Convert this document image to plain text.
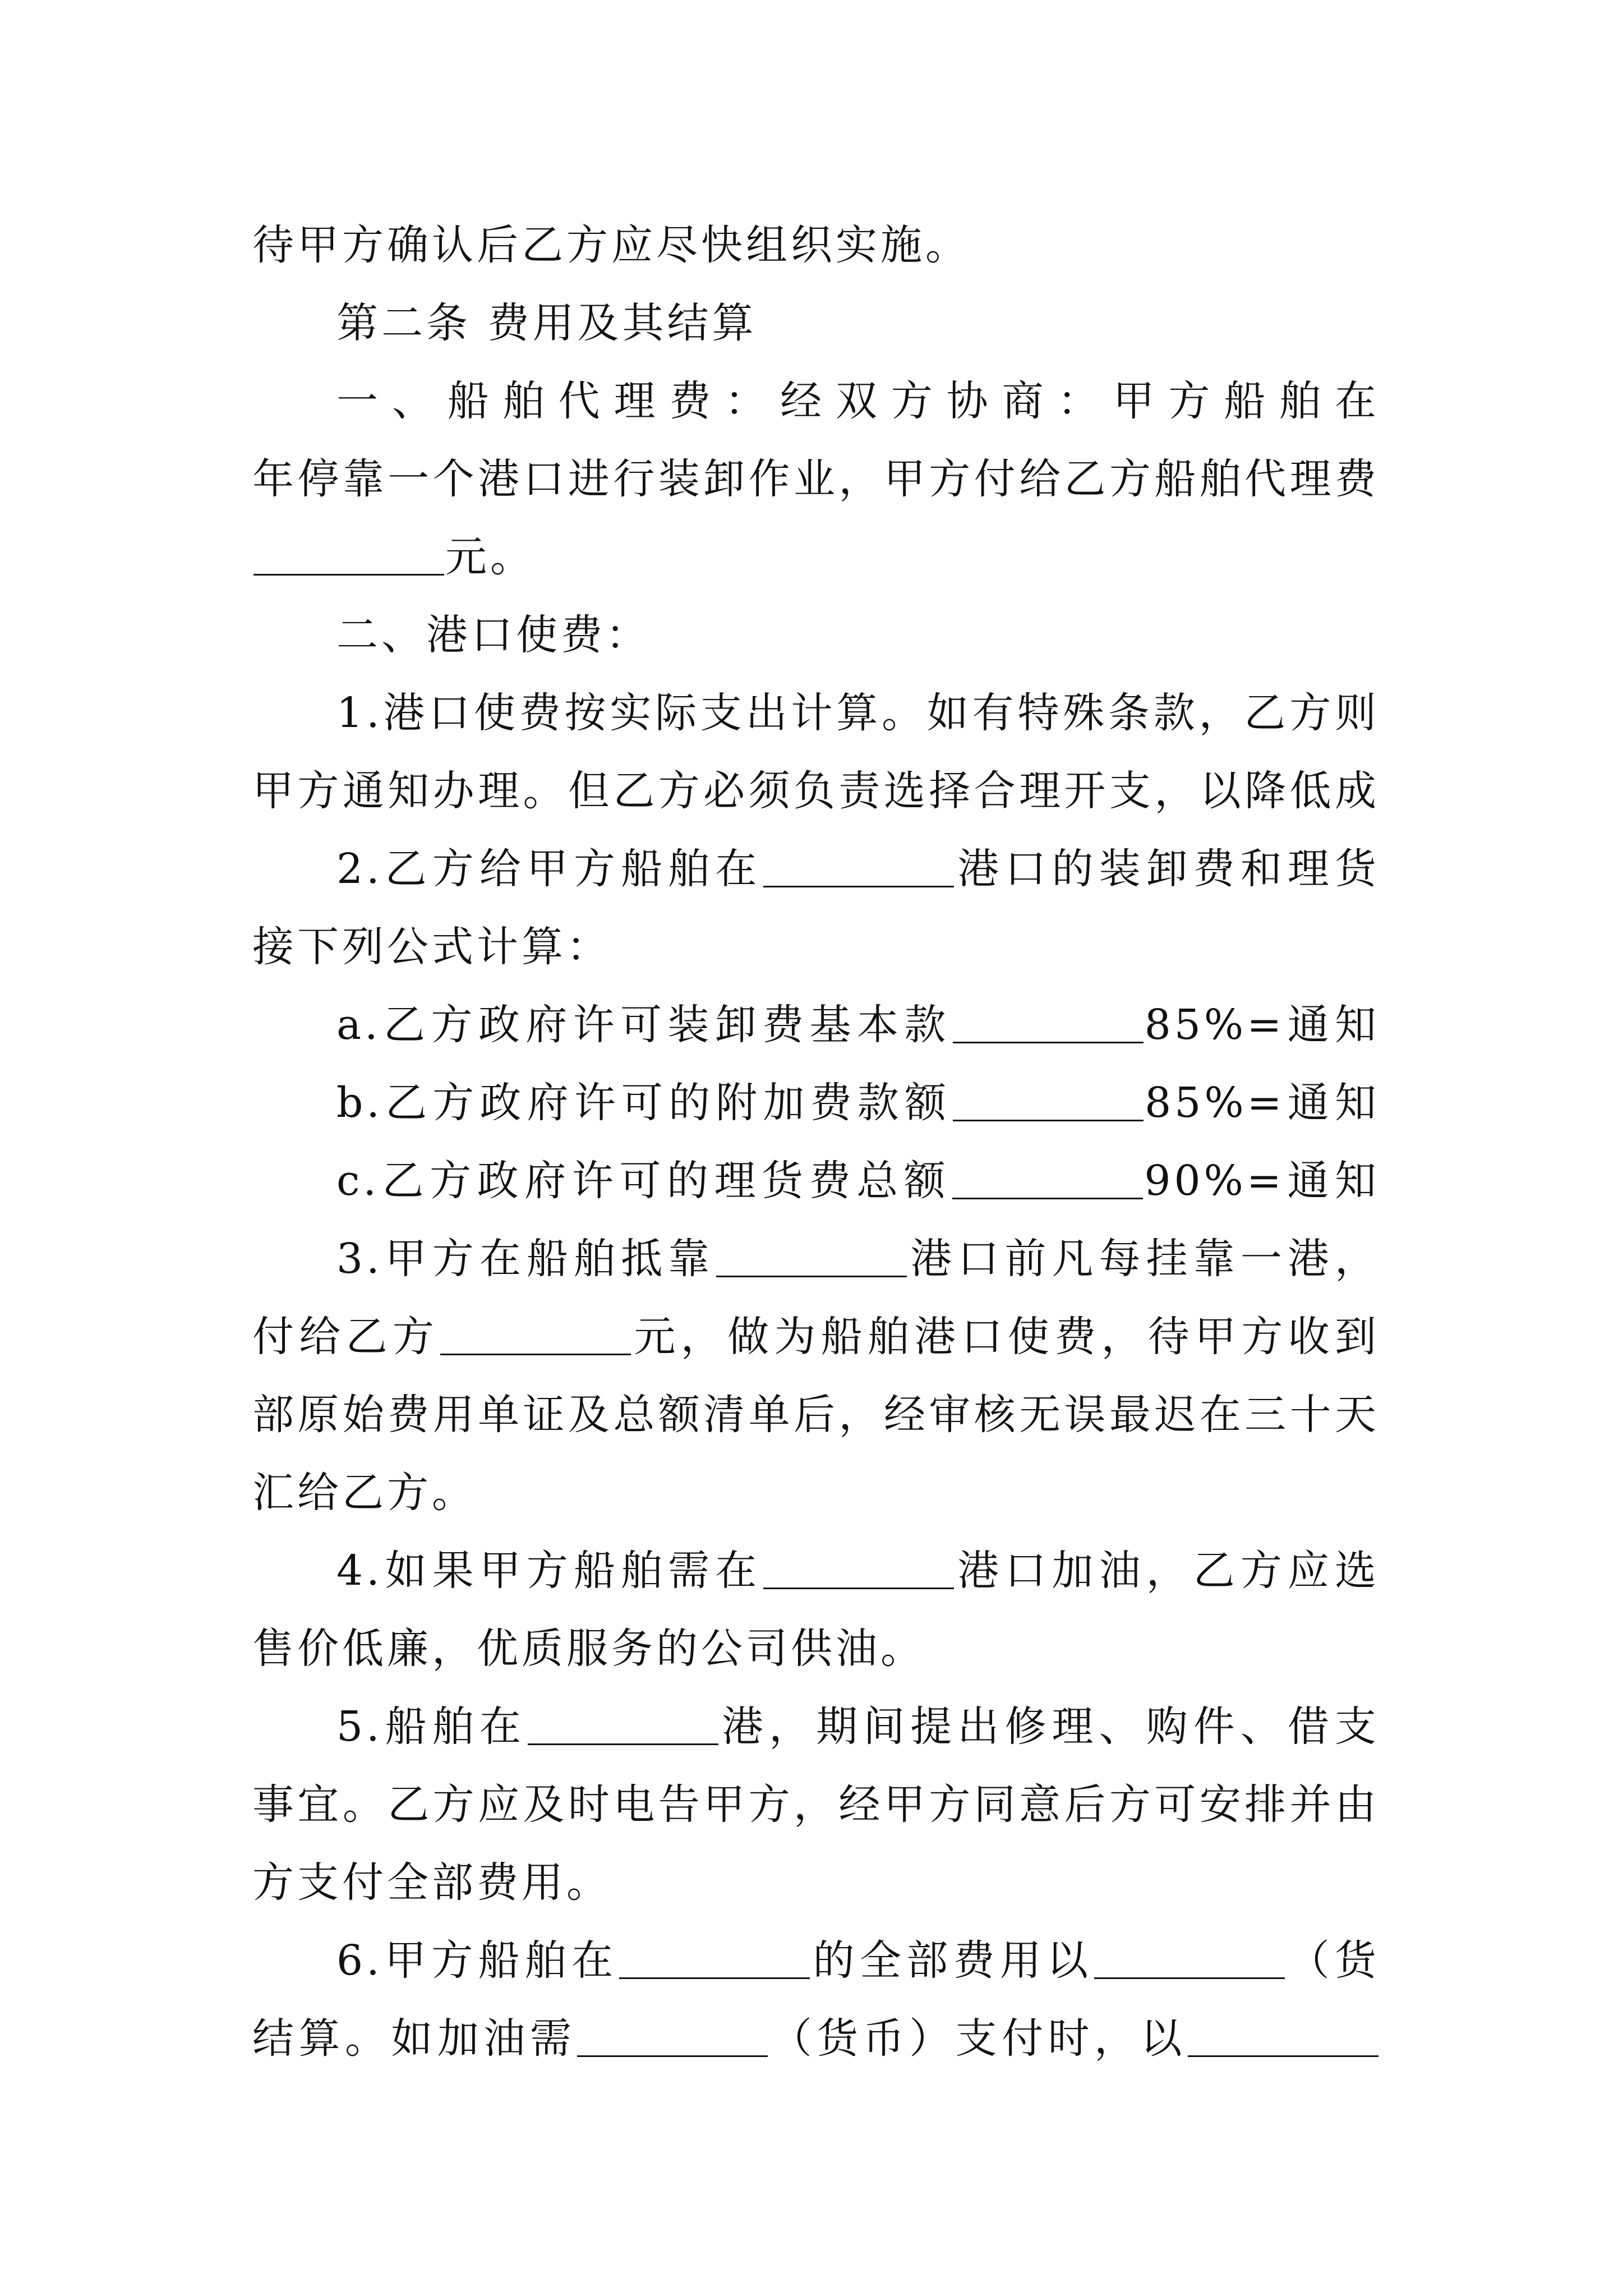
待甲方确认后乙方应尽快组织实施。
第二条 费用及其结算
一、船舶代理费：经双方协商：甲方船舶在
年停靠一个港口进行装卸作业，甲方付给乙方船舶代理费
元。
二、港口使费：
1.港口使费按实际支出计算。如有特殊条款，乙方则
甲方通知办理。但乙方必须负责选择合理开支，以降低成
2.乙方给甲方船舶在	港口的装卸费和理货
接下列公式计算：
a.乙方政府许可装卸费基本款	85%=通知
b.乙方政府许可的附加费款额	85%=通知
c.乙方政府许可的理货费总额	90%=通知
3.甲方在船舶抵靠	港口前凡每挂靠一港，
付给乙方	元，做为船舶港口使费，待甲方收到
部原始费用单证及总额清单后，经审核无误最迟在三十天
汇给乙方。
4.如果甲方船舶需在	港口加油，乙方应选
售价低廉，优质服务的公司供油。
5.船舶在	港，期间提出修理、购件、借支
事宜。乙方应及时电告甲方，经甲方同意后方可安排并由
方支付全部费用。
6.甲方船舶在	的全部费用以	（货
结算。如加油需	（货币）支付时，以
